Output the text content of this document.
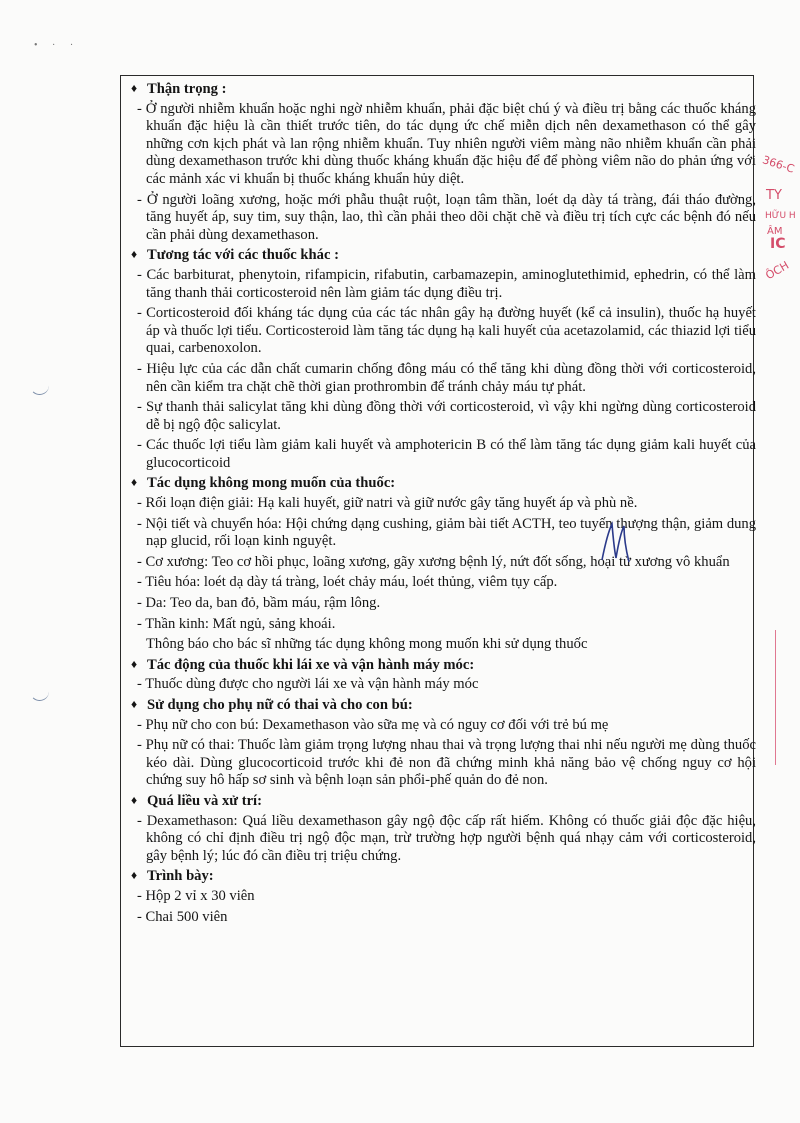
• · ·
♦ Thận trọng :
- Ở người nhiễm khuẩn hoặc nghi ngờ nhiễm khuẩn, phải đặc biệt chú ý và điều trị bằng các thuốc kháng khuẩn đặc hiệu là cần thiết trước tiên, do tác dụng ức chế miễn dịch nên dexamethason có thể gây những cơn kịch phát và lan rộng nhiễm khuẩn. Tuy nhiên người viêm màng não nhiễm khuẩn cần phải dùng dexamethason trước khi dùng thuốc kháng khuẩn đặc hiệu để để phòng viêm não do phản ứng với các mảnh xác vi khuẩn bị thuốc kháng khuẩn hủy diệt.
- Ở người loãng xương, hoặc mới phẫu thuật ruột, loạn tâm thần, loét dạ dày tá tràng, đái tháo đường, tăng huyết áp, suy tim, suy thận, lao, thì cần phải theo dõi chặt chẽ và điều trị tích cực các bệnh đó nếu cần phải dùng dexamethason.
♦ Tương tác với các thuốc khác :
- Các barbiturat, phenytoin, rifampicin, rifabutin, carbamazepin, aminoglutethimid, ephedrin, có thể làm tăng thanh thải corticosteroid nên làm giảm tác dụng điều trị.
- Corticosteroid đối kháng tác dụng của các tác nhân gây hạ đường huyết (kể cả insulin), thuốc hạ huyết áp và thuốc lợi tiểu. Corticosteroid làm tăng tác dụng hạ kali huyết của acetazolamid, các thiazid lợi tiểu quai, carbenoxolon.
- Hiệu lực của các dẫn chất cumarin chống đông máu có thể tăng khi dùng đồng thời với corticosteroid, nên cần kiểm tra chặt chẽ thời gian prothrombin để tránh chảy máu tự phát.
- Sự thanh thải salicylat tăng khi dùng đồng thời với corticosteroid, vì vậy khi ngừng dùng corticosteroid dễ bị ngộ độc salicylat.
- Các thuốc lợi tiểu làm giảm kali huyết và amphotericin B có thể làm tăng tác dụng giảm kali huyết của glucocorticoid
♦ Tác dụng không mong muốn của thuốc:
- Rối loạn điện giải: Hạ kali huyết, giữ natri và giữ nước gây tăng huyết áp và phù nề.
- Nội tiết và chuyển hóa: Hội chứng dạng cushing, giảm bài tiết ACTH, teo tuyến thượng thận, giảm dung nạp glucid, rối loạn kinh nguyệt.
- Cơ xương: Teo cơ hồi phục, loãng xương, gãy xương bệnh lý, nứt đốt sống, hoại tử xương vô khuẩn
- Tiêu hóa: loét dạ dày tá tràng, loét chảy máu, loét thủng, viêm tụy cấp.
- Da: Teo da, ban đỏ, bầm máu, rậm lông.
- Thần kinh: Mất ngủ, sảng khoái.
Thông báo cho bác sĩ những tác dụng không mong muốn khi sử dụng thuốc
♦ Tác động của thuốc khi lái xe và vận hành máy móc:
- Thuốc dùng được cho người lái xe và vận hành máy móc
♦ Sử dụng cho phụ nữ có thai và cho con bú:
- Phụ nữ cho con bú: Dexamethason vào sữa mẹ và có nguy cơ đối với trẻ bú mẹ
- Phụ nữ có thai: Thuốc làm giảm trọng lượng nhau thai và trọng lượng thai nhi nếu người mẹ dùng thuốc kéo dài. Dùng glucocorticoid trước khi đẻ non đã chứng minh khả năng bảo vệ chống nguy cơ hội chứng suy hô hấp sơ sinh và bệnh loạn sản phổi-phế quản do đẻ non.
♦ Quá liều và xử trí:
- Dexamethason: Quá liều dexamethason gây ngộ độc cấp rất hiếm. Không có thuốc giải độc đặc hiệu, không có chỉ định điều trị ngộ độc mạn, trừ trường hợp người bệnh quá nhạy cảm với corticosteroid, gây bệnh lý; lúc đó cần điều trị triệu chứng.
♦ Trình bày:
- Hộp 2 vỉ x 30 viên
- Chai 500 viên
366-C
TY
HỮU H
ÂM
IC
ÔCH
